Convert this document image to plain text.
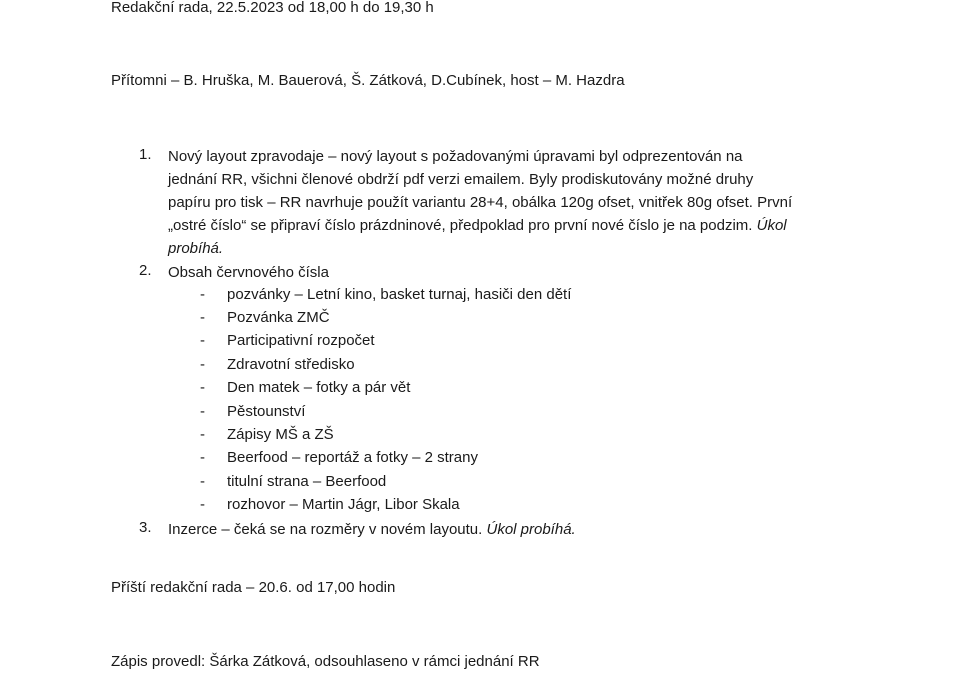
Redakční rada, 22.5.2023 od 18,00 h do 19,30 h
Přítomni – B. Hruška, M. Bauerová, Š. Zátková, D.Cubínek, host – M. Hazdra
1. Nový layout zpravodaje – nový layout s požadovanými úpravami byl odprezentován na
jednání RR, všichni členové obdrží pdf verzi emailem. Byly prodiskutovány možné druhy
papíru pro tisk – RR navrhuje použít variantu 28+4, obálka 120g ofset, vnitřek 80g ofset. První
„ostré číslo“ se připraví číslo prázdninové, předpoklad pro první nové číslo je na podzim. Úkol
probíhá.
2. Obsah červnového čísla
- pozvánky – Letní kino, basket turnaj, hasiči den dětí
- Pozvánka ZMČ
- Participativní rozpočet
- Zdravotní středisko
- Den matek – fotky a pár vět
- Pěstounství
- Zápisy MŠ a ZŠ
- Beerfood – reportáž a fotky – 2 strany
- titulní strana – Beerfood
- rozhovor – Martin Jágr, Libor Skala
3. Inzerce – čeká se na rozměry v novém layoutu. Úkol probíhá.
Příští redakční rada – 20.6. od 17,00 hodin
Zápis provedl: Šárka Zátková, odsouhlaseno v rámci jednání RR
